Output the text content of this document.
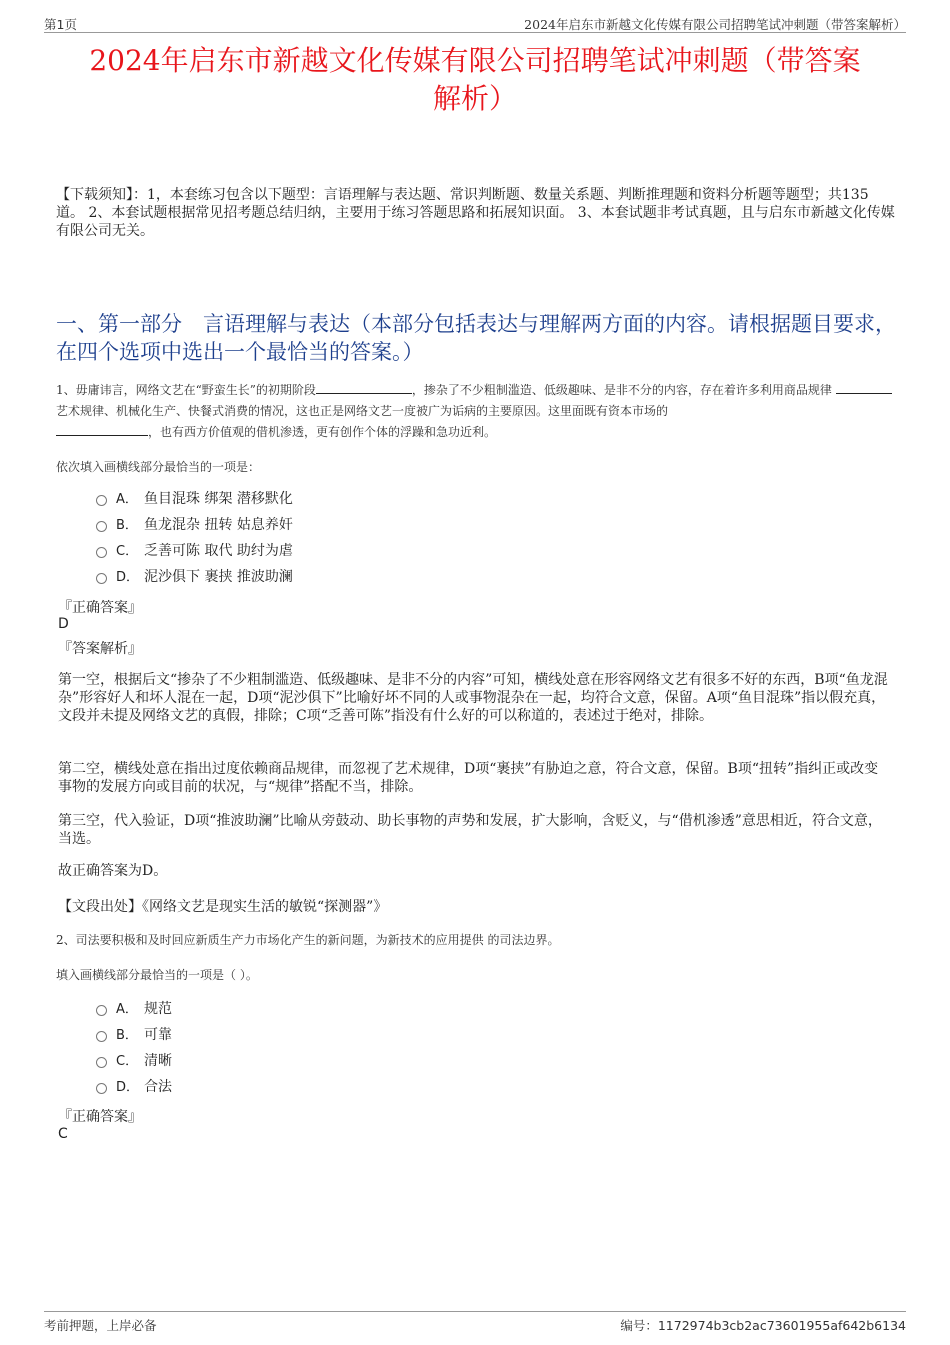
第1页	2024年启东市新越文化传媒有限公司招聘笔试冲刺题（带答案解析）
2024年启东市新越文化传媒有限公司招聘笔试冲刺题（带答案
解析）
【下载须知】：1，本套练习包含以下题型：言语理解与表达题、常识判断题、数量关系题、判断推理题和资料分析题等题型；共135道。 2、本套试题根据常见招考题总结归纳，主要用于练习答题思路和拓展知识面。 3、本套试题非考试真题，且与启东市新越文化传媒有限公司无关。
一、第一部分　言语理解与表达（本部分包括表达与理解两方面的内容。请根据题目要求，在四个选项中选出一个最恰当的答案。）
1、毋庸讳言，网络文艺在“野蛮生长”的初期阶段	，掺杂了不少粗制滥造、低级趣味、是非不分的内容，存在着许多利用商品规律 艺术规律、机械化生产、快餐式消费的情况，这也正是网络文艺一度被广为诟病的主要原因。这里面既有资本市场的
，也有西方价值观的借机渗透，更有创作个体的浮躁和急功近利。
依次填入画横线部分最恰当的一项是：
A． 鱼目混珠 绑架 潜移默化
B． 鱼龙混杂 扭转 姑息养奸
C． 乏善可陈 取代 助纣为虐
D． 泥沙俱下 裹挟 推波助澜
『正确答案』
D
『答案解析』
第一空，根据后文“掺杂了不少粗制滥造、低级趣味、是非不分的内容”可知，横线处意在形容网络文艺有很多不好的东西，B项“鱼龙混杂”形容好人和坏人混在一起，D项“泥沙俱下”比喻好坏不同的人或事物混杂在一起，均符合文意，保留。A项“鱼目混珠”指以假充真，文段并未提及网络文艺的真假，排除；C项“乏善可陈”指没有什么好的可以称道的，表述过于绝对，排除。
第二空，横线处意在指出过度依赖商品规律，而忽视了艺术规律，D项“裹挟”有胁迫之意，符合文意，保留。B项“扭转”指纠正或改变事物的发展方向或目前的状况，与“规律”搭配不当，排除。
第三空，代入验证，D项“推波助澜”比喻从旁鼓动、助长事物的声势和发展，扩大影响，含贬义，与“借机渗透”意思相近，符合文意，当选。
故正确答案为D。
【文段出处】《网络文艺是现实生活的敏锐“探测器”》
2、司法要积极和及时回应新质生产力市场化产生的新问题，为新技术的应用提供 的司法边界。
填入画横线部分最恰当的一项是（ ）。
A． 规范
B． 可靠
C． 清晰
D． 合法
『正确答案』
C
考前押题，上岸必备	编号：1172974b3cb2ac73601955af642b6134
